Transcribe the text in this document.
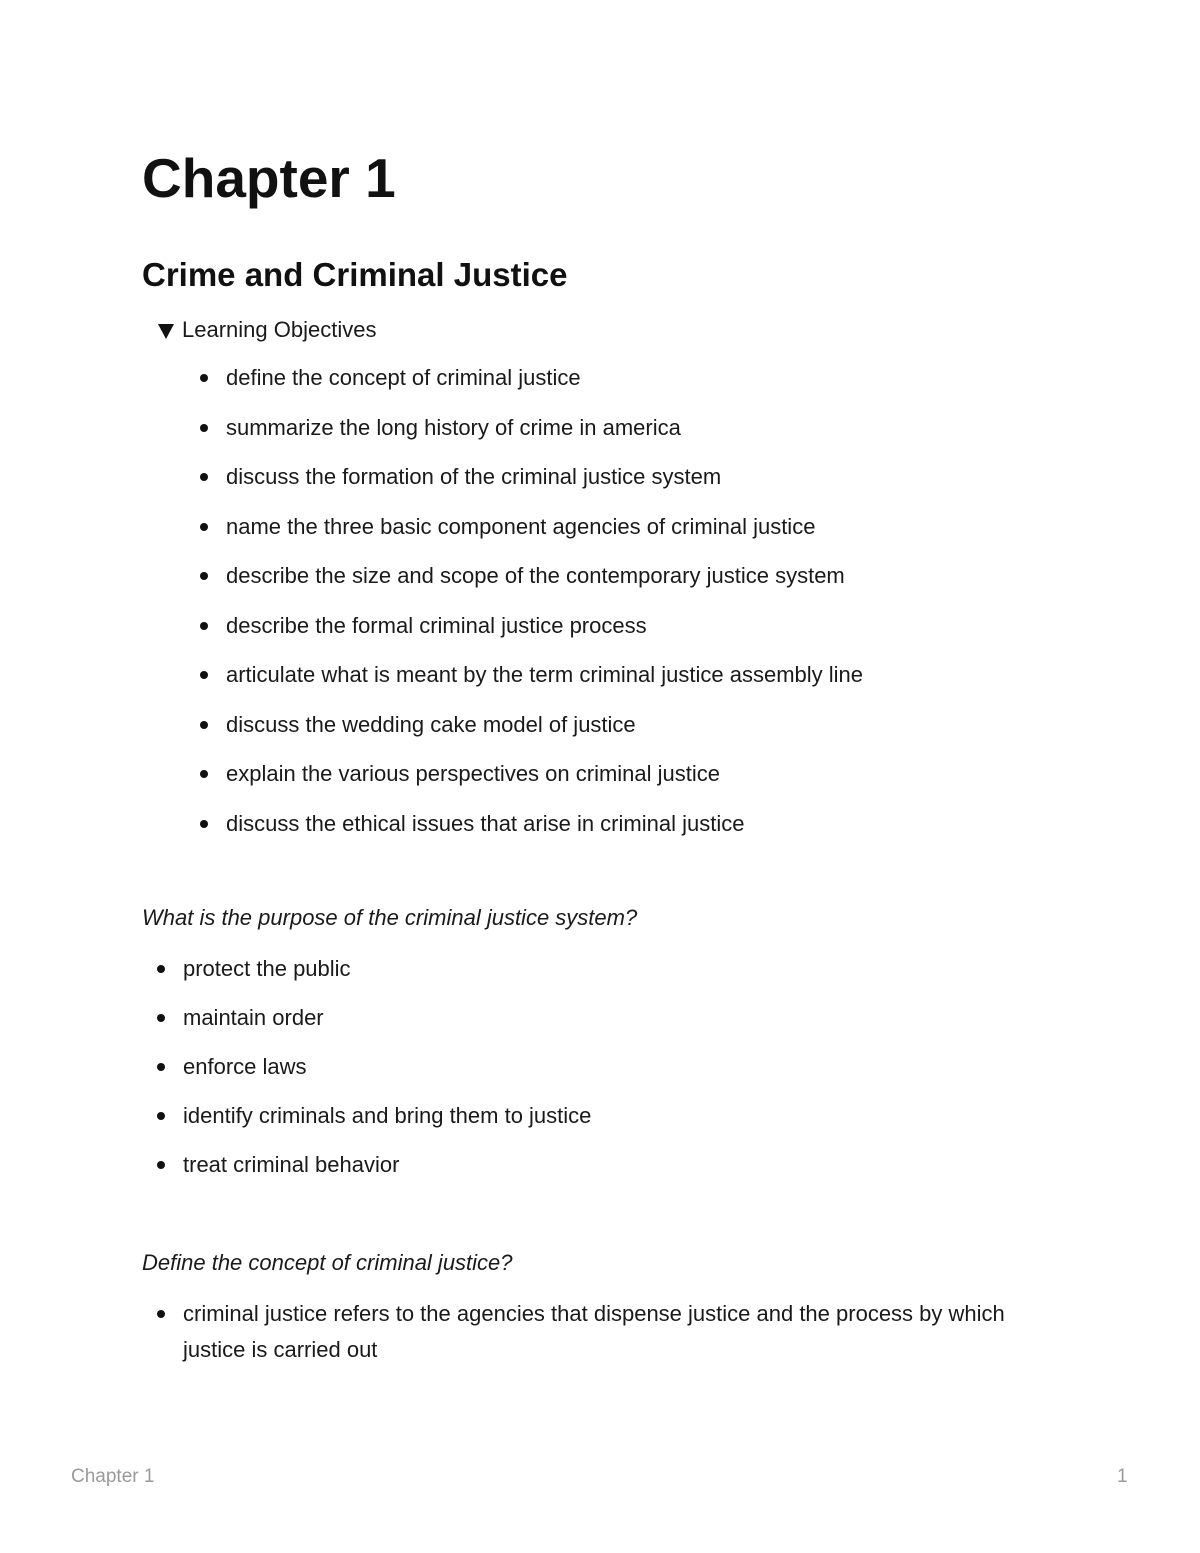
Chapter 1
Crime and Criminal Justice
Learning Objectives
define the concept of criminal justice
summarize the long history of crime in america
discuss the formation of the criminal justice system
name the three basic component agencies of criminal justice
describe the size and scope of the contemporary justice system
describe the formal criminal justice process
articulate what is meant by the term criminal justice assembly line
discuss the wedding cake model of justice
explain the various perspectives on criminal justice
discuss the ethical issues that arise in criminal justice

What is the purpose of the criminal justice system?

protect the public
maintain order
enforce laws
identify criminals and bring them to justice
treat criminal behavior

Define the concept of criminal justice?

criminal justice refers to the agencies that dispense justice and the process by which justice is carried out
Chapter 1	1
